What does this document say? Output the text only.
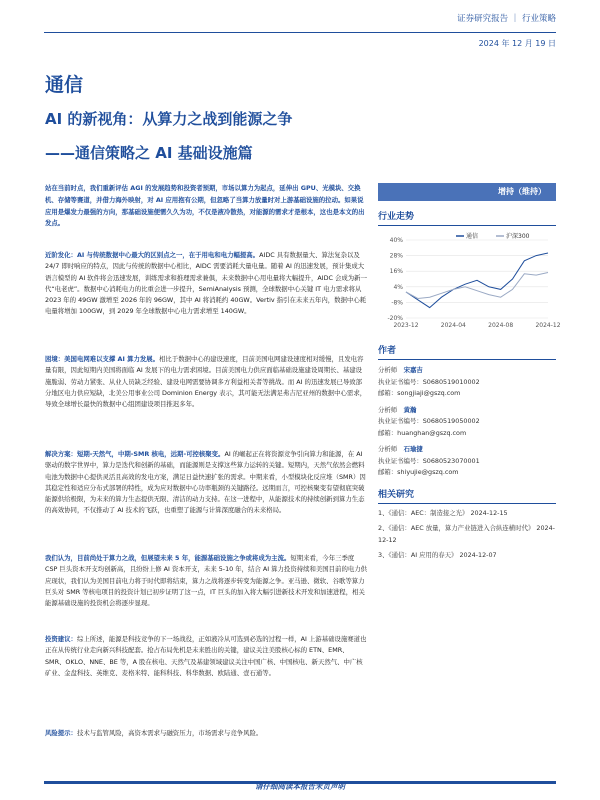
证券研究报告 ｜ 行业策略
2024 年 12 月 19 日
通信
AI 的新视角：从算力之战到能源之争
——通信策略之 AI 基础设施篇
站在当前时点，我们重新评估 AGI 的发展趋势和投资者预期，市场以算力为起点，延伸出 GPU、光模块、交换机、存储等赛道，并借力海外映射，对 AI 应用抱有公期，但忽略了当算力放量时对上游基础设施的拉动。如果说应用是爆发力最强的方向，那基础设施便需久久为功，不仅是液冷散热，对能源的需求才是根本，这也是本文的出发点。
近阶发化：AI 与传统数据中心最大的区别点之一，在于用电和电力幅提高。AIDC 具有数据量大、算法复杂以及 24/7 即时响应的特点，因此与传统的数据中心相比，AIDC 需要消耗大量电量。随着 AI 的迅速发展，预计集成大语言模型的 AI 软件将会迅速发展，训练需求和推理需求兼俱，未来数据中心用电量将大幅提升，AIDC 会成为新一代“电老虎”。数据中心消耗电力的比重会进一步提升，SemiAnalysis 预测，全球数据中心关键 IT 电力需求将从 2023 年的 49GW 激增至 2026 年的 96GW，其中 AI 将消耗约 40GW。Vertiv 指引在未来五年内，数据中心耗电量将增加 100GW，到 2029 年全球数据中心电力需求增至 140GW。
困境：美国电网难以支撑 AI 算力发展。相比于数据中心的建设速度，目前美国电网建设速度相对缓慢，且发电容量有限，因此短期内美国将面临 AI 发展下的电力需求困境。目前美国电力供应面临基础设施建设周期长、基建设施脆弱、劳动力紧张、从业人员缺乏经验、建设电网需要协调多方利益相关者等挑战。而 AI 的迅速发展已导致部分地区电力供应短缺，北美公用事业公司 Dominion Energy 表示，其可能无法满足弗吉尼亚州的数据中心需求，导致全球增长最快的数据中心组团建设项目推迟多年。
解决方案：短期-天然气，中期-SMR 核电，远期-可控核聚变。AI 的崛起正在将资源竞争引向算力和能源，在 AI 驱动的数字世界中，算力是迭代和创新的基础，而能源则是支撑这些算力运转的关键。短期内，天然气依然会燃料电池为数据中心提供灵活且高效的发电方案，满足日益快速扩张的需求。中期来看，小型模块化反应堆（SMR）因其稳定性和适应分布式部署的特性，成为应对数据中心功率瓶颈的关键路径。远期而言，可控核聚变有望彻底突破能源供给极限，为未来的算力生态提供无限、清洁的动力支持。在这一进程中，从能源技术的持续创新到算力生态的高效协同，不仅推动了 AI 技术的飞跃，也重塑了能源与计算深度融合的未来格局。
我们认为，目前尚处于算力之战，但展望未来 5 年，能源基础设施之争或将成为主流。短期来看，今年三季度 CSP 巨头资本开支均创新高，且纷纷上修 AI 资本开支，未来 5-10 年，结合 AI 算力投资持续和美国目前的电力供应现状，我们认为美国目前电力将于时代即将结束，算力之战将逐步转变为能源之争。亚马逊、微软、谷歌等算力巨头对 SMR 等核电项目的投资计划已初步证明了这一点，IT 巨头的加入将大幅引进新技术开发和加速进程，相关能源基础设施的投资机会将逐步显现。
投资建议：综上所述，能源是科技竞争的下一场战役，正如液冷从可选到必选的过程一样，AI 上游基础设施赛道也正在从传统行业走向新兴科技配套。抢占布局先机是未来胜出的关键，建议关注美股核心标的 ETN、EMR、SMR、OKLO、NNE、BE 等，A 股在核电、天然气及基建领域建议关注中国广核、中国核电、新天然气、中广核矿业、金盘科技、英维克、麦格米特、能科科技、科华数据、欧陆通、壹石通等。
风险提示：技术与监管风险，高资本需求与融资压力，市场需求与竞争风险。
增持（维持）
行业走势
40%
28%
16%
4%
-8%
-20%
2023-12	2024-04	2024-08	2024-12
通信	沪深300
作者
分析师　 宋嘉吉
执业证书编号：S0680519010002
邮箱：songjiaji@gszq.com
分析师　 黄瀚
执业证书编号：S0680519050002
邮箱：huanghan@gszq.com
分析师　 石瑜捷
执业证书编号：S0680523070001
邮箱：shiyujie@gszq.com
相关研究
1、《通信：AEC：制造接之光》 2024-12-15
2、《通信：AEC 放量，算力产业链进入合纵连横时代》 2024-12-12
3、《通信：AI 应用的春天》 2024-12-07
请仔细阅读本报告末页声明
